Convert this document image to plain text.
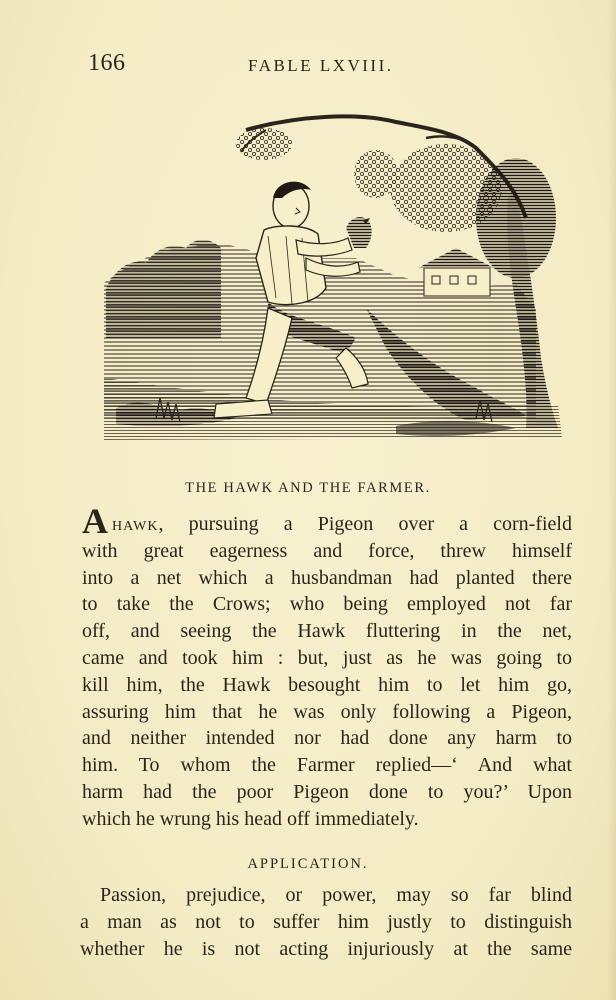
166	FABLE LXVIII.
THE HAWK AND THE FARMER.
Ahawk, pursuing a Pigeon over a corn-field
with great eagerness and force, threw himself
into a net which a husbandman had planted there
to take the Crows; who being employed not far
off, and seeing the Hawk fluttering in the net,
came and took him : but, just as he was going to
kill him, the Hawk besought him to let him go,
assuring him that he was only following a Pigeon,
and neither intended nor had done any harm to
him. To whom the Farmer replied—‘ And what
harm had the poor Pigeon done to you?’ Upon
which he wrung his head off immediately.
APPLICATION.
Passion, prejudice, or power, may so far blind
a man as not to suffer him justly to distinguish
whether he is not acting injuriously at the same
